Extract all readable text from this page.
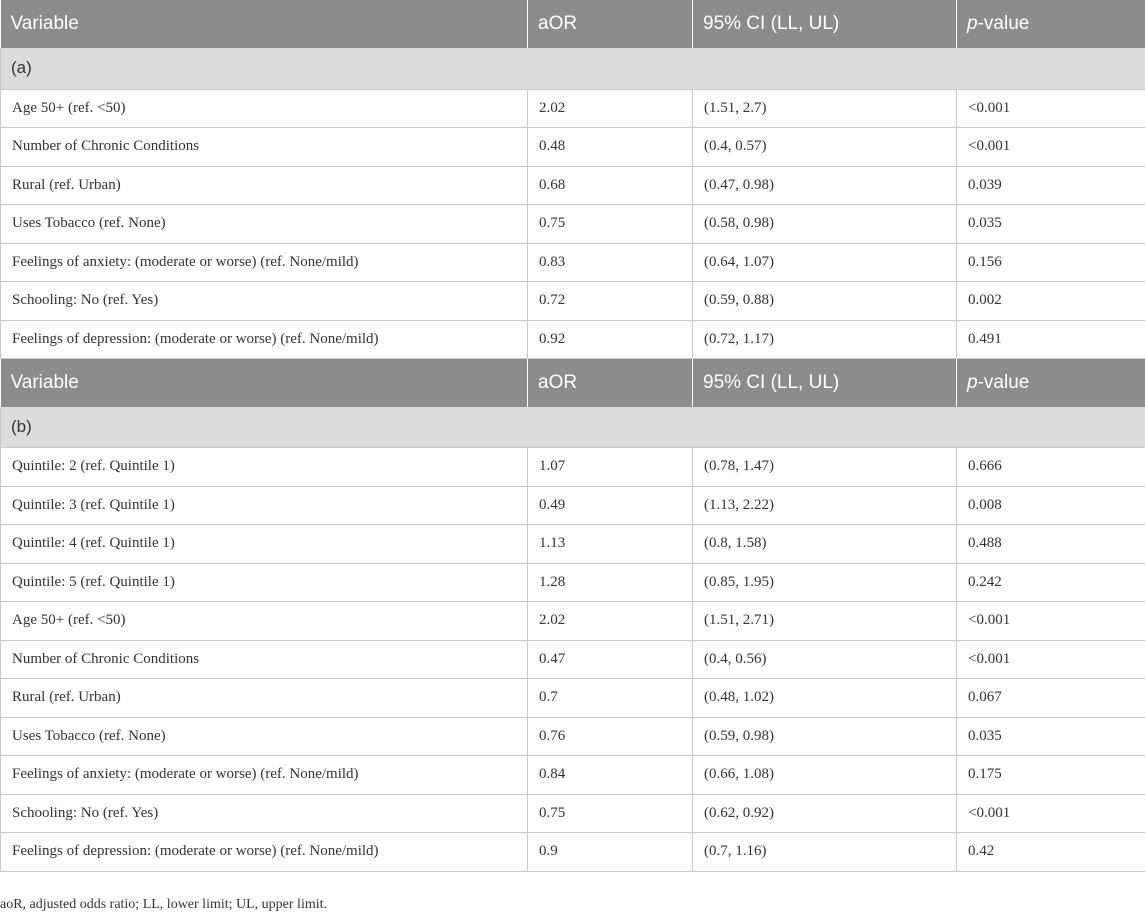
Variable	aOR	95% CI (LL, UL)	p-value
(a)			
Age 50+ (ref. <50)	2.02	(1.51, 2.7)	<0.001
Number of Chronic Conditions	0.48	(0.4, 0.57)	<0.001
Rural (ref. Urban)	0.68	(0.47, 0.98)	0.039
Uses Tobacco (ref. None)	0.75	(0.58, 0.98)	0.035
Feelings of anxiety: (moderate or worse) (ref. None/mild)	0.83	(0.64, 1.07)	0.156
Schooling: No (ref. Yes)	0.72	(0.59, 0.88)	0.002
Feelings of depression: (moderate or worse) (ref. None/mild)	0.92	(0.72, 1.17)	0.491
Variable	aOR	95% CI (LL, UL)	p-value
(b)			
Quintile: 2 (ref. Quintile 1)	1.07	(0.78, 1.47)	0.666
Quintile: 3 (ref. Quintile 1)	0.49	(1.13, 2.22)	0.008
Quintile: 4 (ref. Quintile 1)	1.13	(0.8, 1.58)	0.488
Quintile: 5 (ref. Quintile 1)	1.28	(0.85, 1.95)	0.242
Age 50+ (ref. <50)	2.02	(1.51, 2.71)	<0.001
Number of Chronic Conditions	0.47	(0.4, 0.56)	<0.001
Rural (ref. Urban)	0.7	(0.48, 1.02)	0.067
Uses Tobacco (ref. None)	0.76	(0.59, 0.98)	0.035
Feelings of anxiety: (moderate or worse) (ref. None/mild)	0.84	(0.66, 1.08)	0.175
Schooling: No (ref. Yes)	0.75	(0.62, 0.92)	<0.001
Feelings of depression: (moderate or worse) (ref. None/mild)	0.9	(0.7, 1.16)	0.42

aoR, adjusted odds ratio; LL, lower limit; UL, upper limit.
